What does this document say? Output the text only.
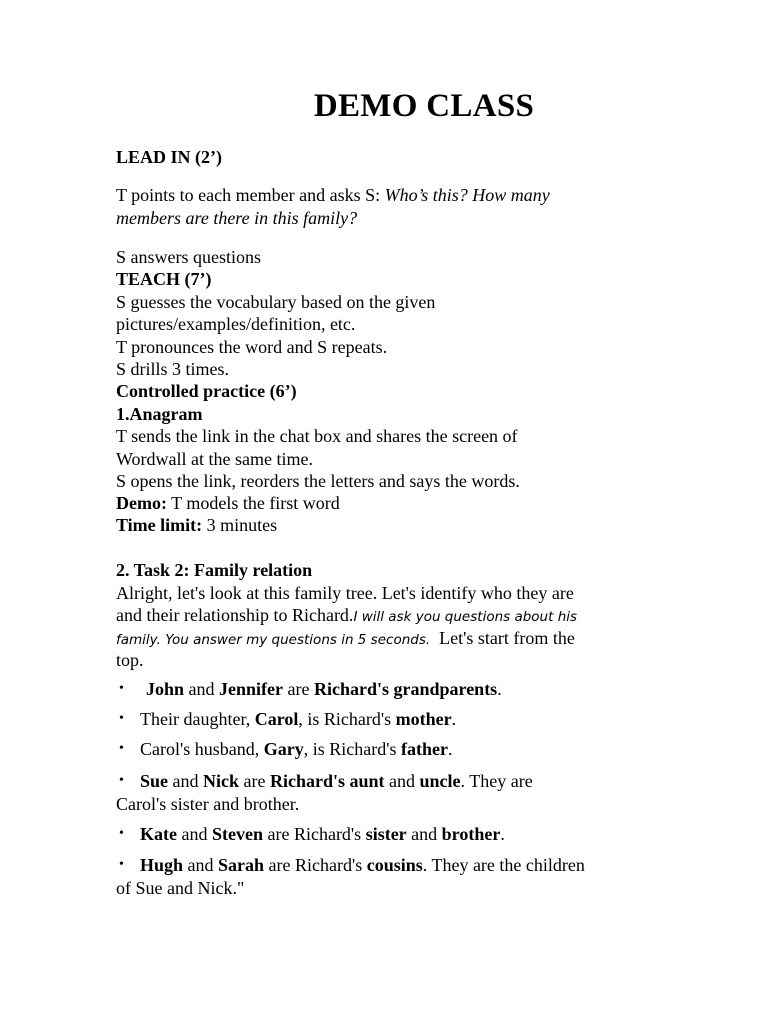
DEMO CLASS
LEAD IN (2’)
T points to each member and asks S: Who’s this? How many
members are there in this family?
S answers questions
TEACH (7’)
S guesses the vocabulary based on the given
pictures/examples/definition, etc.
T pronounces the word and S repeats.
S drills 3 times.
Controlled practice (6’)
1.Anagram
T sends the link in the chat box and shares the screen of
Wordwall at the same time.
S opens the link, reorders the letters and says the words.
Demo: T models the first word
Time limit: 3 minutes
2. Task 2: Family relation
Alright, let's look at this family tree. Let's identify who they are
and their relationship to Richard.I will ask you questions about his
family. You answer my questions in 5 seconds.  Let's start from the
top.
• John and Jennifer are Richard's grandparents.
• Their daughter, Carol, is Richard's mother.
• Carol's husband, Gary, is Richard's father.
• Sue and Nick are Richard's aunt and uncle. They are
Carol's sister and brother.
• Kate and Steven are Richard's sister and brother.
• Hugh and Sarah are Richard's cousins. They are the children
of Sue and Nick."
